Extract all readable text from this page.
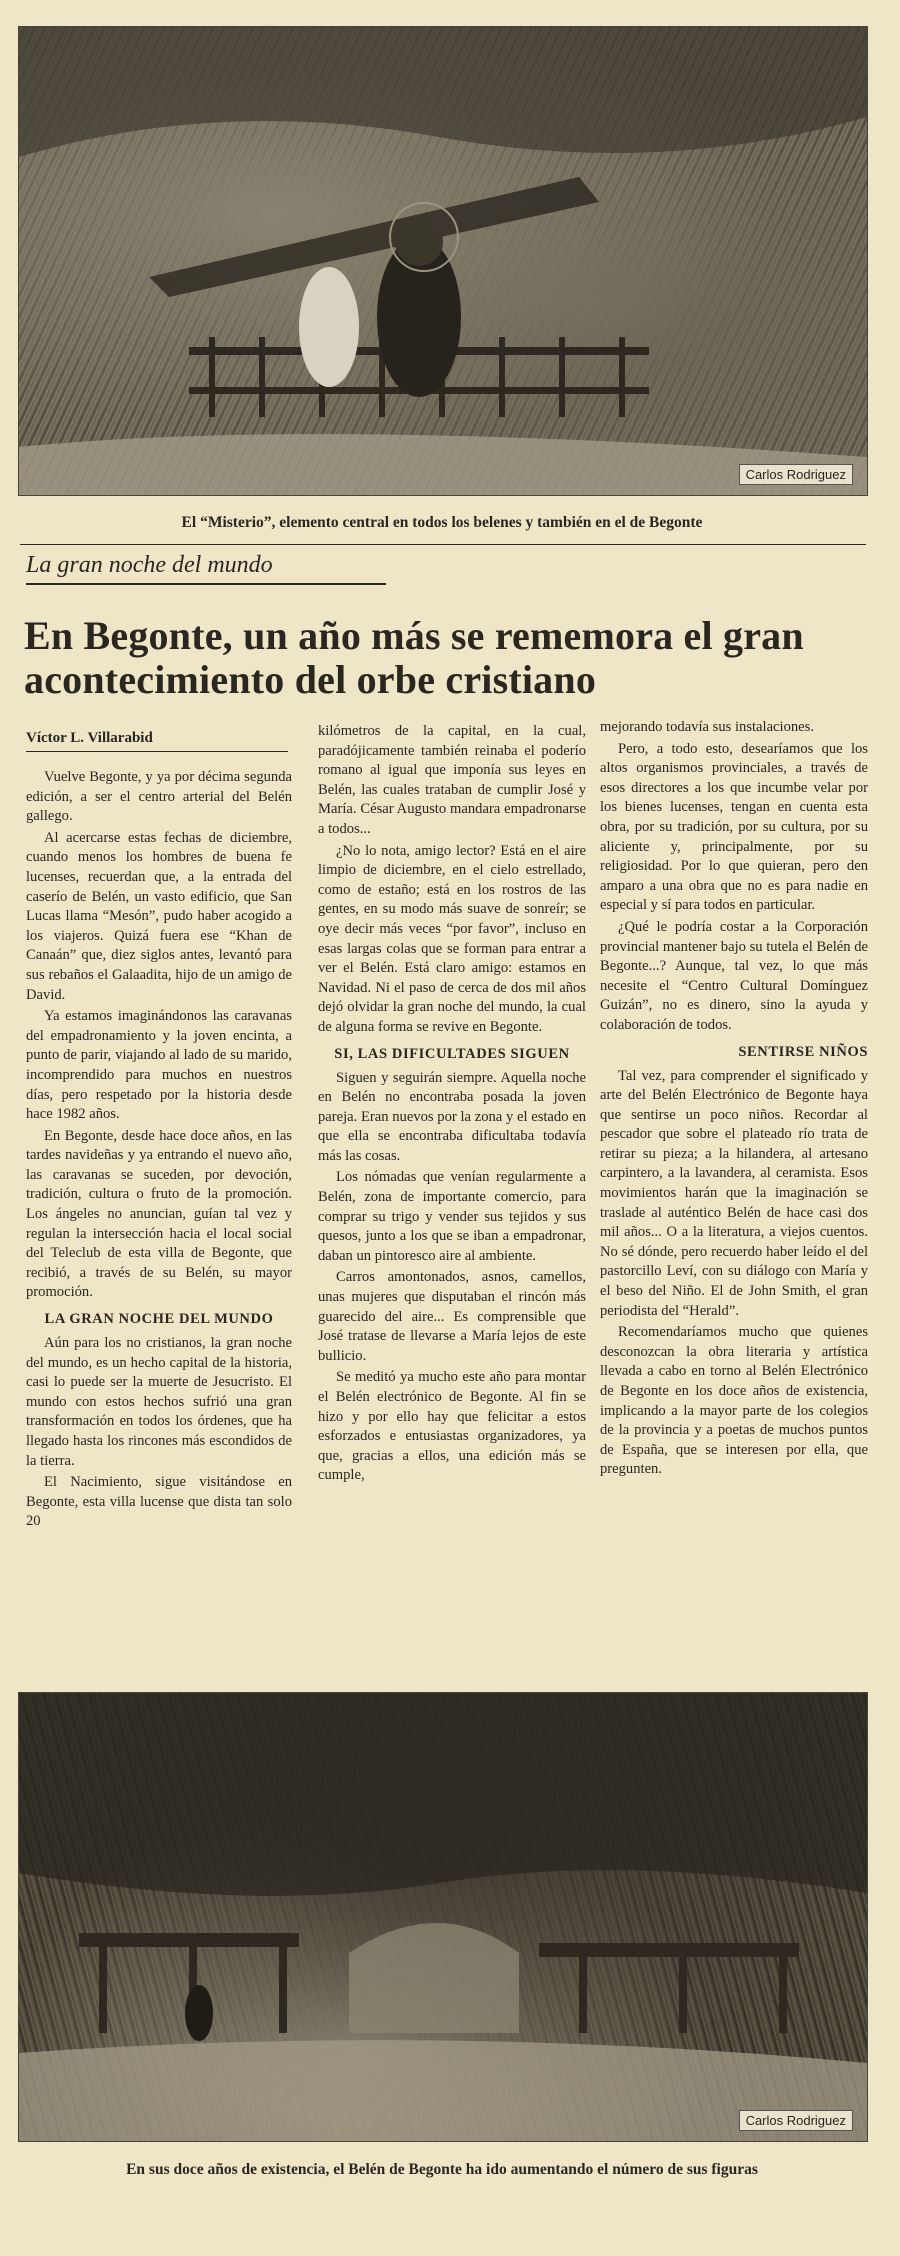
Carlos Rodriguez
El “Misterio”, elemento central en todos los belenes y también en el de Begonte
La gran noche del mundo
En Begonte, un año más se rememora el gran acontecimiento del orbe cristiano
Víctor L. Villarabid

Vuelve Begonte, y ya por décima segunda edición, a ser el centro arterial del Belén gallego.

Al acercarse estas fechas de diciembre, cuando menos los hombres de buena fe lucenses, recuerdan que, a la entrada del caserío de Belén, un vasto edificio, que San Lucas llama “Mesón”, pudo haber acogido a los viajeros. Quizá fuera ese “Khan de Canaán” que, diez siglos antes, levantó para sus rebaños el Galaadita, hijo de un amigo de David.

Ya estamos imaginándonos las caravanas del empadronamiento y la joven encinta, a punto de parir, viajando al lado de su marido, incomprendido para muchos en nuestros días, pero respetado por la historia desde hace 1982 años.

En Begonte, desde hace doce años, en las tardes navideñas y ya entrando el nuevo año, las caravanas se suceden, por devoción, tradición, cultura o fruto de la promoción. Los ángeles no anuncian, guían tal vez y regulan la intersección hacia el local social del Teleclub de esta villa de Begonte, que recibió, a través de su Belén, su mayor promoción.

LA GRAN NOCHE DEL MUNDO

Aún para los no cristianos, la gran noche del mundo, es un hecho capital de la historia, casi lo puede ser la muerte de Jesucristo. El mundo con estos hechos sufrió una gran transformación en todos los órdenes, que ha llegado hasta los rincones más escondidos de la tierra.

El Nacimiento, sigue visitándose en Begonte, esta villa lucense que dista tan solo 20

kilómetros de la capital, en la cual, paradójicamente también reinaba el poderío romano al igual que imponía sus leyes en Belén, las cuales trataban de cumplir José y María. César Augusto mandara empadronarse a todos...

¿No lo nota, amigo lector? Está en el aire limpio de diciembre, en el cielo estrellado, como de estaño; está en los rostros de las gentes, en su modo más suave de sonreír; se oye decir más veces “por favor”, incluso en esas largas colas que se forman para entrar a ver el Belén. Está claro amigo: estamos en Navidad. Ni el paso de cerca de dos mil años dejó olvidar la gran noche del mundo, la cual de alguna forma se revive en Begonte.

SI, LAS DIFICULTADES SIGUEN

Siguen y seguirán siempre. Aquella noche en Belén no encontraba posada la joven pareja. Eran nuevos por la zona y el estado en que ella se encontraba dificultaba todavía más las cosas.

Los nómadas que venían regularmente a Belén, zona de importante comercio, para comprar su trigo y vender sus tejidos y sus quesos, junto a los que se iban a empadronar, daban un pintoresco aire al ambiente.

Carros amontonados, asnos, camellos, unas mujeres que disputaban el rincón más guarecido del aire... Es comprensible que José tratase de llevarse a María lejos de este bullicio.

Se meditó ya mucho este año para montar el Belén electrónico de Begonte. Al fin se hizo y por ello hay que felicitar a estos esforzados e entusiastas organizadores, ya que, gracias a ellos, una edición más se cumple,

mejorando todavía sus instalaciones.

Pero, a todo esto, desearíamos que los altos organismos provinciales, a través de esos directores a los que incumbe velar por los bienes lucenses, tengan en cuenta esta obra, por su tradición, por su cultura, por su aliciente y, principalmente, por su religiosidad. Por lo que quieran, pero den amparo a una obra que no es para nadie en especial y sí para todos en particular.

¿Qué le podría costar a la Corporación provincial mantener bajo su tutela el Belén de Begonte...? Aunque, tal vez, lo que más necesite el “Centro Cultural Domínguez Guizán”, no es dinero, sino la ayuda y colaboración de todos.

SENTIRSE NIÑOS

Tal vez, para comprender el significado y arte del Belén Electrónico de Begonte haya que sentirse un poco niños. Recordar al pescador que sobre el plateado río trata de retirar su pieza; a la hilandera, al artesano carpintero, a la lavandera, al ceramista. Esos movimientos harán que la imaginación se traslade al auténtico Belén de hace casi dos mil años... O a la literatura, a viejos cuentos. No sé dónde, pero recuerdo haber leído el del pastorcillo Leví, con su diálogo con María y el beso del Niño. El de John Smith, el gran periodista del “Herald”.

Recomendaríamos mucho que quienes desconozcan la obra literaria y artística llevada a cabo en torno al Belén Electrónico de Begonte en los doce años de existencia, implicando a la mayor parte de los colegios de la provincia y a poetas de muchos puntos de España, que se interesen por ella, que pregunten.

Carlos Rodriguez
En sus doce años de existencia, el Belén de Begonte ha ido aumentando el número de sus figuras
